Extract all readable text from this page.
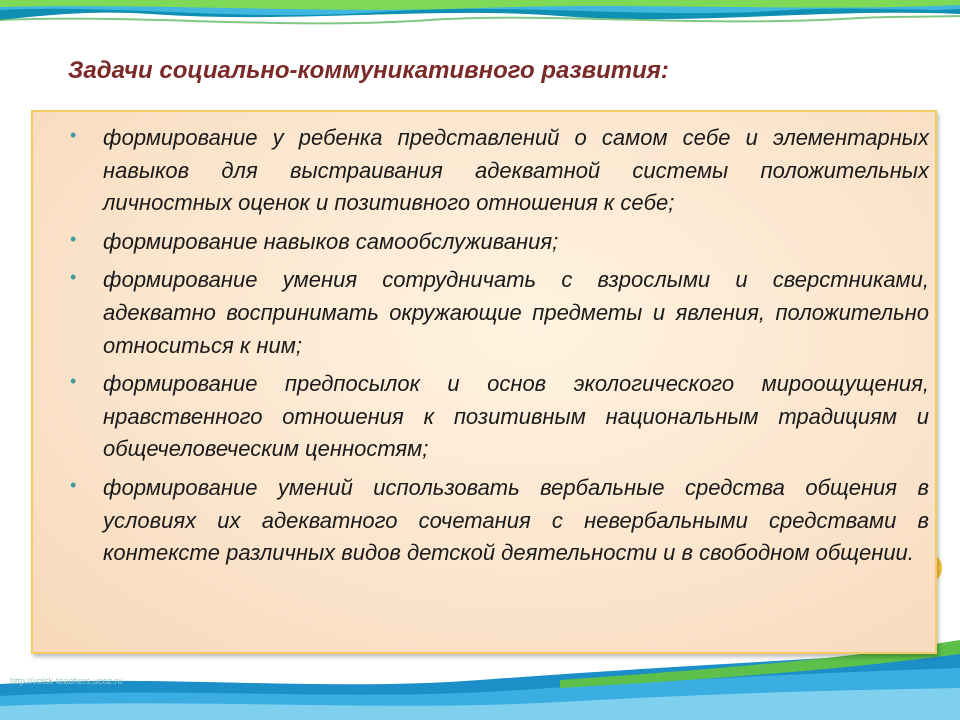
http://volsk-teachers.ucoz.ru
Задачи социально-коммуникативного развития:
• формирование у ребенка представлений о самом себе и элементарных навыков для выстраивания адекватной системы положительных личностных оценок и позитивного отношения к себе;
• формирование навыков самообслуживания;
• формирование умения сотрудничать с взрослыми и сверстниками, адекватно воспринимать окружающие предметы и явления, положительно относиться к ним;
• формирование предпосылок и основ экологического мироощущения, нравственного отношения к позитивным национальным традициям и общечеловеческим ценностям;
• формирование умений использовать вербальные средства общения в условиях их адекватного сочетания с невербальными средствами в контексте различных видов детской деятельности и в свободном общении.
